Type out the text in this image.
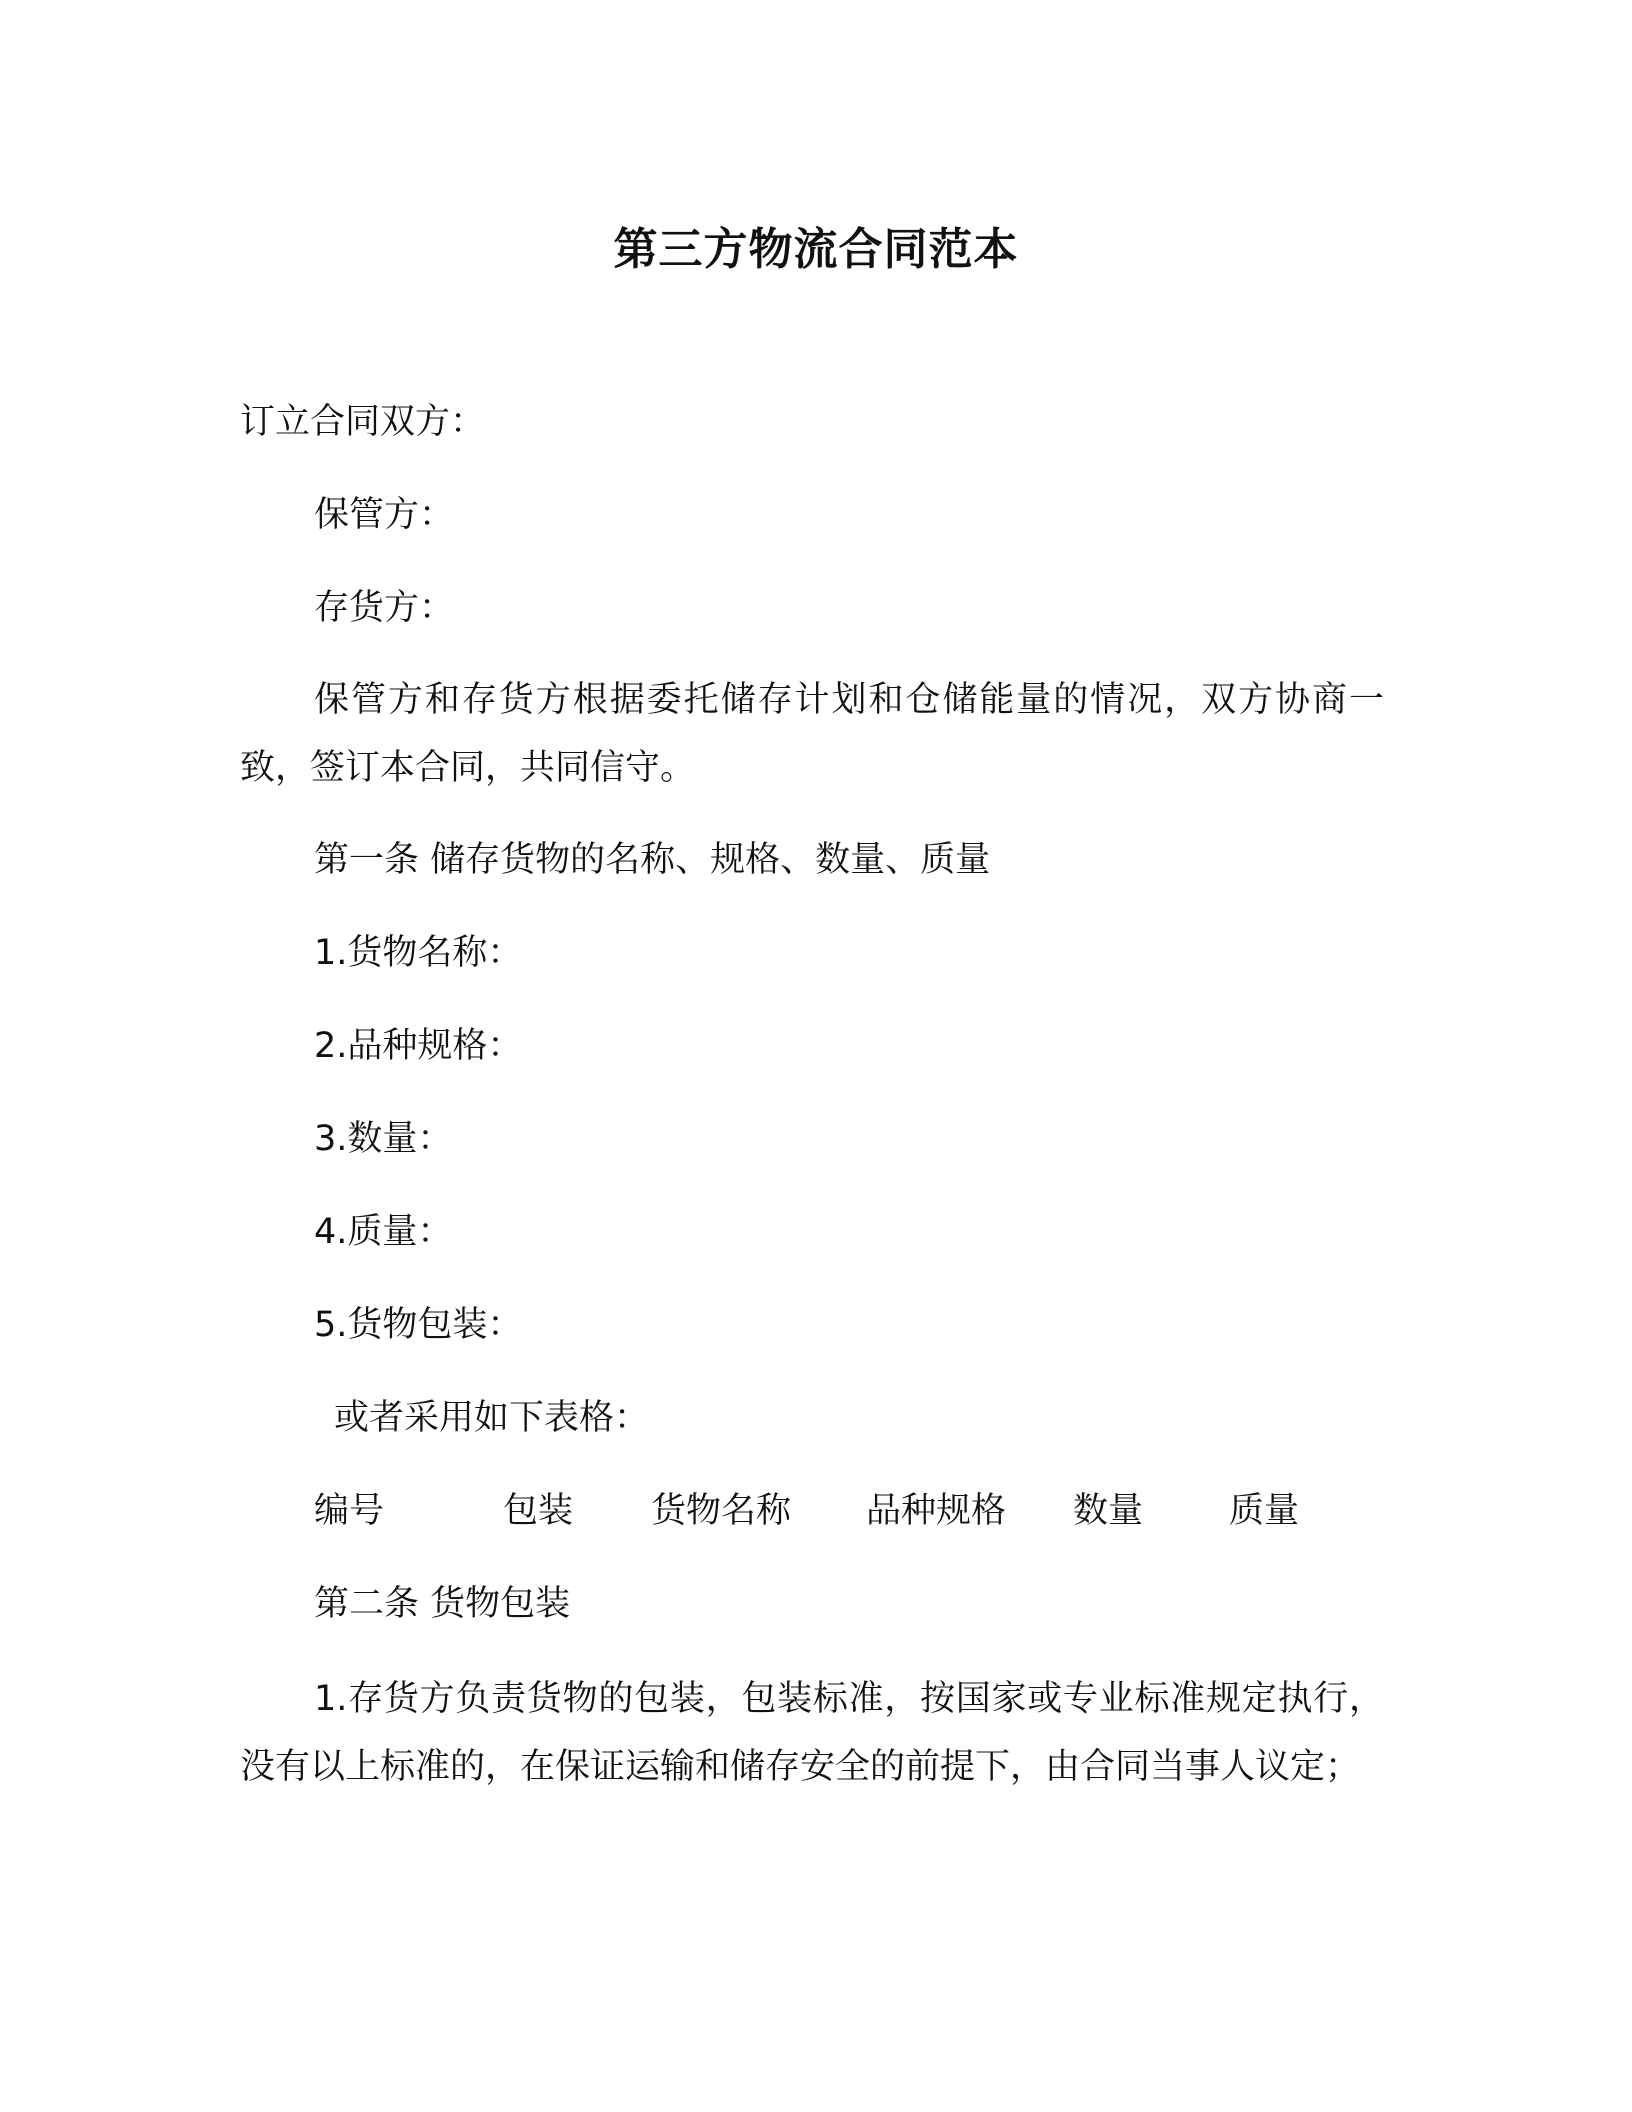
第三方物流合同范本
订立合同双方：
保管方：
存货方：
保管方和存货方根据委托储存计划和仓储能量的情况，双方协商一致，签订本合同，共同信守。
第一条 储存货物的名称、规格、数量、质量
1.货物名称：
2.品种规格：
3.数量：
4.质量：
5.货物包装：
或者采用如下表格：
编号	包装 货物名称 品种规格 数量 质量
第二条 货物包装
1.存货方负责货物的包装，包装标准，按国家或专业标准规定执行，没有以上标准的，在保证运输和储存安全的前提下，由合同当事人议定；
